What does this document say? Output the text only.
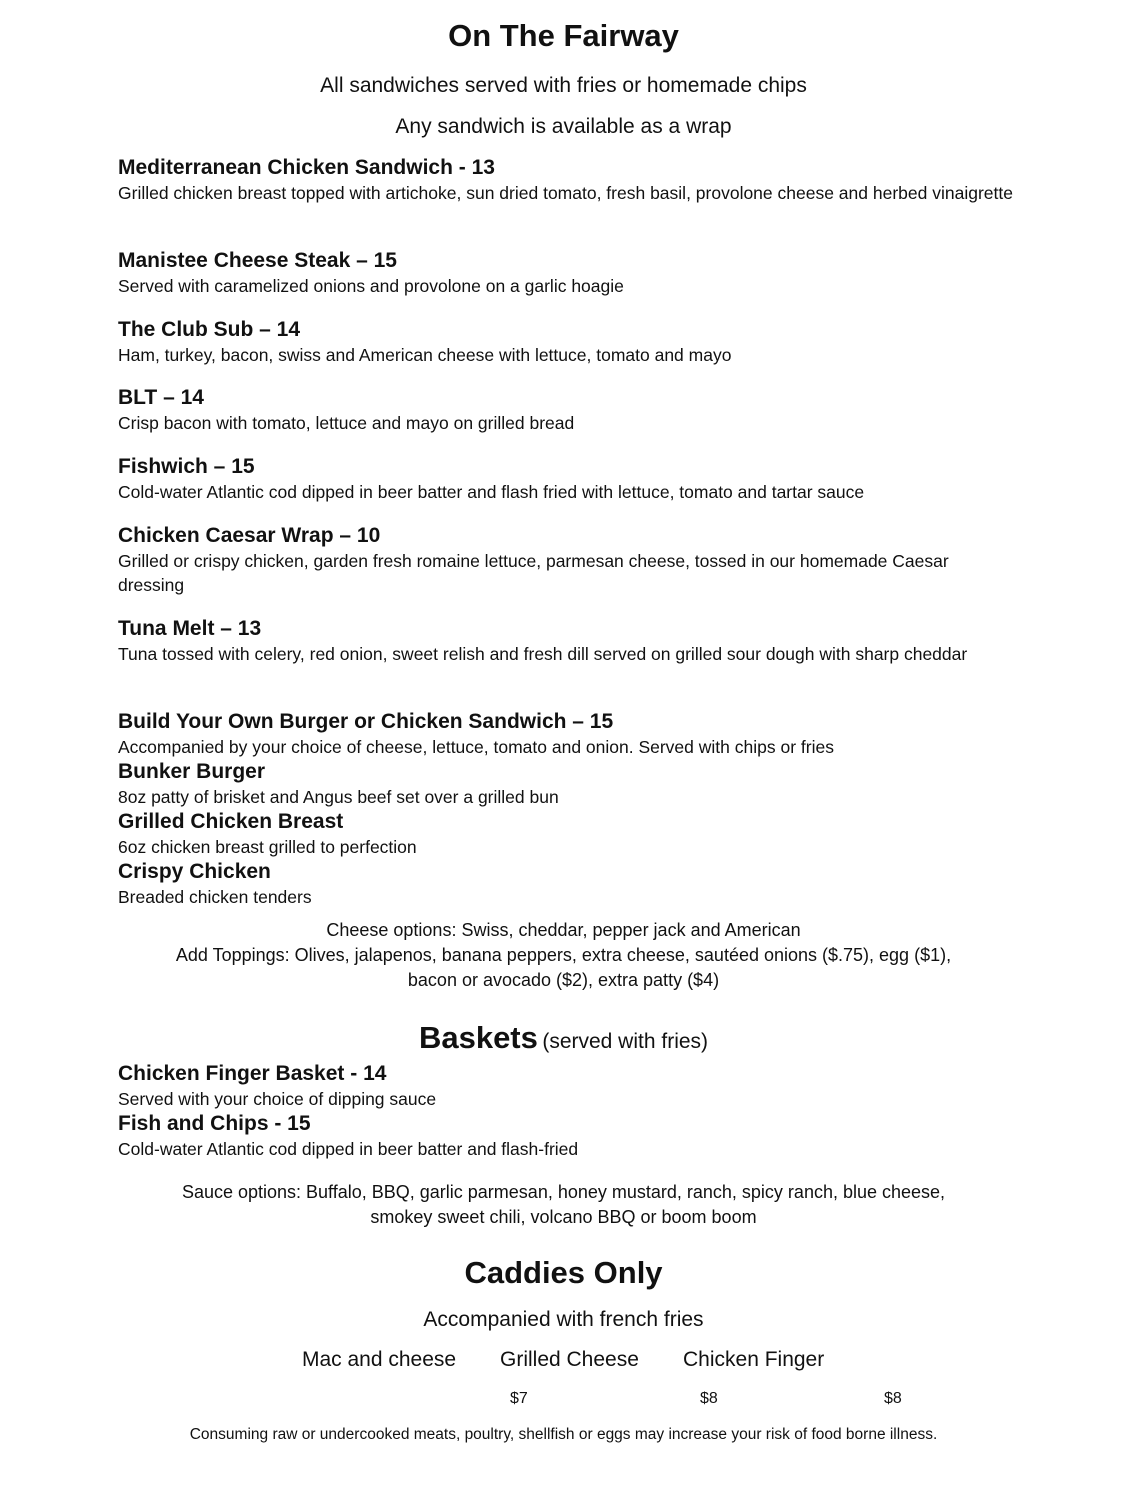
On The Fairway
All sandwiches served with fries or homemade chips
Any sandwich is available as a wrap
Mediterranean Chicken Sandwich - 13
Grilled chicken breast topped with artichoke, sun dried tomato, fresh basil, provolone cheese and herbed vinaigrette
Manistee Cheese Steak – 15
Served with caramelized onions and provolone on a garlic hoagie
The Club Sub – 14
Ham, turkey, bacon, swiss and American cheese with lettuce, tomato and mayo
BLT – 14
Crisp bacon with tomato, lettuce and mayo on grilled bread
Fishwich – 15
Cold-water Atlantic cod dipped in beer batter and flash fried with lettuce, tomato and tartar sauce
Chicken Caesar Wrap – 10
Grilled or crispy chicken, garden fresh romaine lettuce, parmesan cheese, tossed in our homemade Caesar dressing
Tuna Melt – 13
Tuna tossed with celery, red onion, sweet relish and fresh dill served on grilled sour dough with sharp cheddar
Build Your Own Burger or Chicken Sandwich – 15
Accompanied by your choice of cheese, lettuce, tomato and onion. Served with chips or fries
Bunker Burger
8oz patty of brisket and Angus beef set over a grilled bun
Grilled Chicken Breast
6oz chicken breast grilled to perfection
Crispy Chicken
Breaded chicken tenders
Cheese options: Swiss, cheddar, pepper jack and American
Add Toppings: Olives, jalapenos, banana peppers, extra cheese, sautéed onions ($.75), egg ($1),
bacon or avocado ($2), extra patty ($4)
Baskets (served with fries)
Chicken Finger Basket - 14
Served with your choice of dipping sauce
Fish and Chips - 15
Cold-water Atlantic cod dipped in beer batter and flash-fried
Sauce options: Buffalo, BBQ, garlic parmesan, honey mustard, ranch, spicy ranch, blue cheese,
smokey sweet chili, volcano BBQ or boom boom
Caddies Only
Accompanied with french fries
Mac and cheese Grilled Cheese Chicken Finger
$7	$8	$8
Consuming raw or undercooked meats, poultry, shellfish or eggs may increase your risk of food borne illness.
